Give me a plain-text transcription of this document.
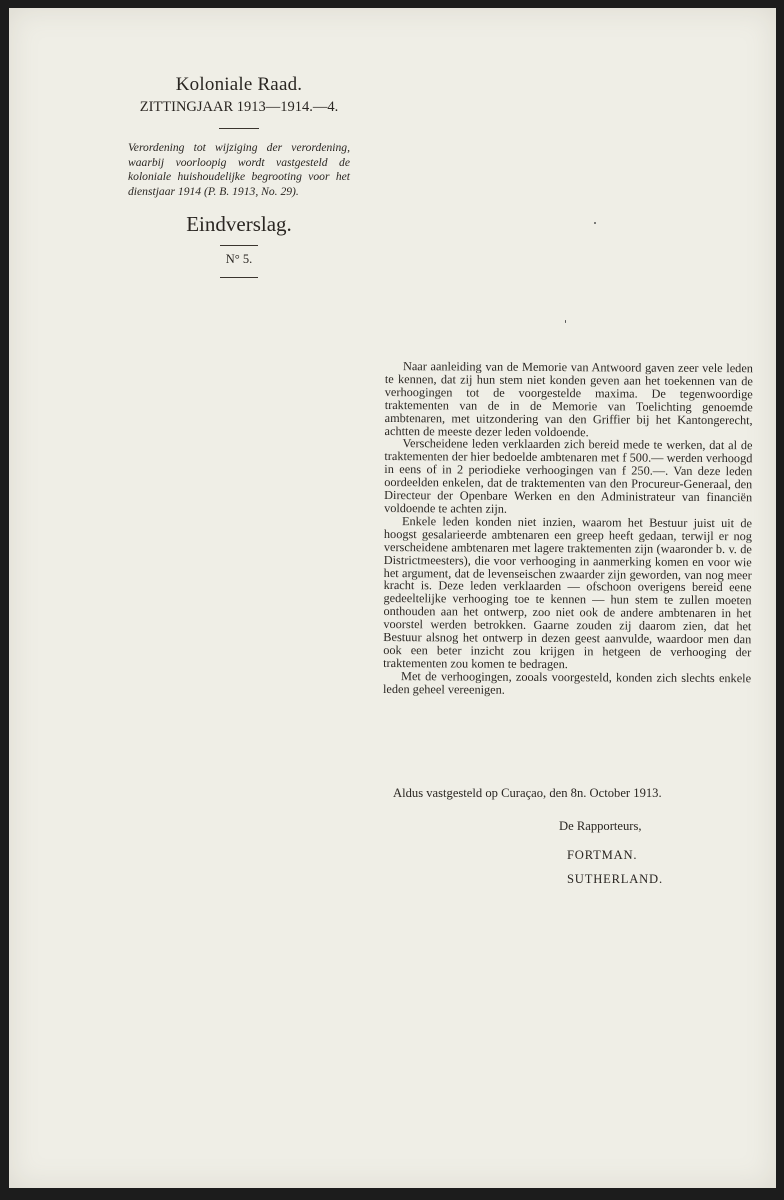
Koloniale Raad.
ZITTINGJAAR 1913—1914.—4.
Verordening tot wijziging der verordening, waarbij voorloopig wordt vastgesteld de koloniale huishoudelijke begrooting voor het dienstjaar 1914 (P. B. 1913, No. 29).
Eindverslag.
N° 5.

Naar aanleiding van de Memorie van Antwoord gaven zeer vele leden te kennen, dat zij hun stem niet konden geven aan het toekennen van de verhoogingen tot de voorgestelde maxima. De tegenwoordige traktementen van de in de Memorie van Toelichting genoemde ambtenaren, met uitzondering van den Griffier bij het Kantongerecht, achtten de meeste dezer leden voldoende.

Verscheidene leden verklaarden zich bereid mede te werken, dat al de traktementen der hier bedoelde ambtenaren met f 500.— werden verhoogd in eens of in 2 periodieke verhoogingen van f 250.—. Van deze leden oordeelden enkelen, dat de traktementen van den Procureur-Generaal, den Directeur der Openbare Werken en den Administrateur van financiën voldoende te achten zijn.

Enkele leden konden niet inzien, waarom het Bestuur juist uit de hoogst gesalarieerde ambtenaren een greep heeft gedaan, terwijl er nog verscheidene ambtenaren met lagere traktementen zijn (waaronder b. v. de Districtmeesters), die voor verhooging in aanmerking komen en voor wie het argument, dat de levenseischen zwaarder zijn geworden, van nog meer kracht is. Deze leden verklaarden — ofschoon overigens bereid eene gedeeltelijke verhooging toe te kennen — hun stem te zullen moeten onthouden aan het ontwerp, zoo niet ook de andere ambtenaren in het voorstel werden betrokken. Gaarne zouden zij daarom zien, dat het Bestuur alsnog het ontwerp in dezen geest aanvulde, waardoor men dan ook een beter inzicht zou krijgen in hetgeen de verhooging der traktementen zou komen te bedragen.

Met de verhoogingen, zooals voorgesteld, konden zich slechts enkele leden geheel vereenigen.

Aldus vastgesteld op Curaçao, den 8n. October 1913.

De Rapporteurs,
FORTMAN.
SUTHERLAND.
